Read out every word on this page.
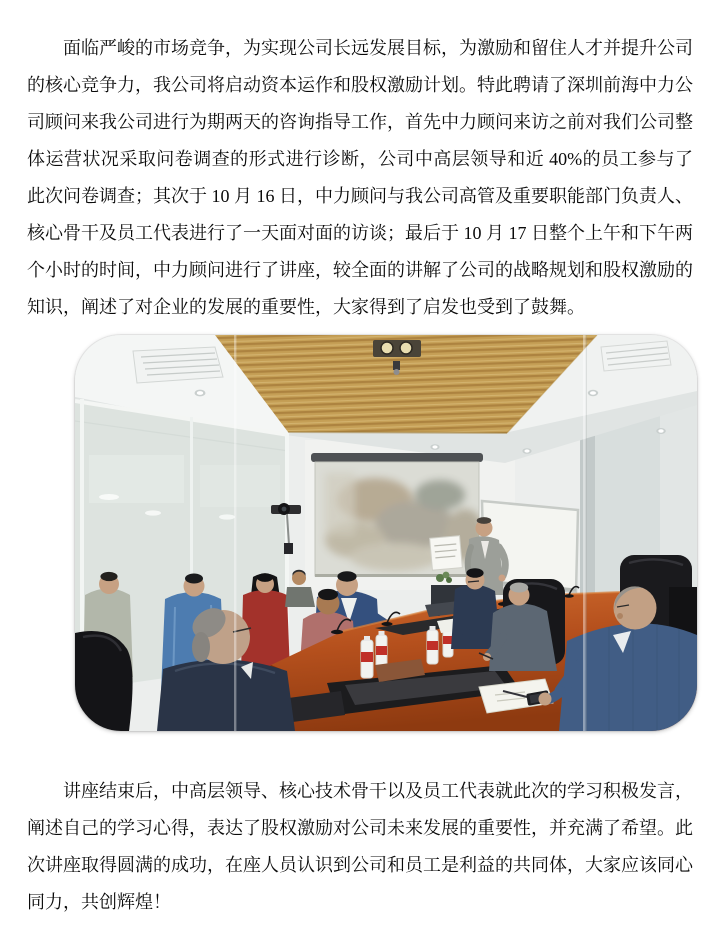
面临严峻的市场竞争，为实现公司长远发展目标，为激励和留住人才并提升公司的核心竞争力，我公司将启动资本运作和股权激励计划。特此聘请了深圳前海中力公司顾问来我公司进行为期两天的咨询指导工作，首先中力顾问来访之前对我们公司整体运营状况采取问卷调查的形式进行诊断，公司中高层领导和近 40%的员工参与了此次问卷调查；其次于 10 月 16 日，中力顾问与我公司高管及重要职能部门负责人、核心骨干及员工代表进行了一天面对面的访谈；最后于 10 月 17 日整个上午和下午两个小时的时间，中力顾问进行了讲座，较全面的讲解了公司的战略规划和股权激励的知识，阐述了对企业的发展的重要性，大家得到了启发也受到了鼓舞。

讲座结束后，中高层领导、核心技术骨干以及员工代表就此次的学习积极发言，阐述自己的学习心得，表达了股权激励对公司未来发展的重要性，并充满了希望。此次讲座取得圆满的成功，在座人员认识到公司和员工是利益的共同体，大家应该同心同力，共创辉煌！
